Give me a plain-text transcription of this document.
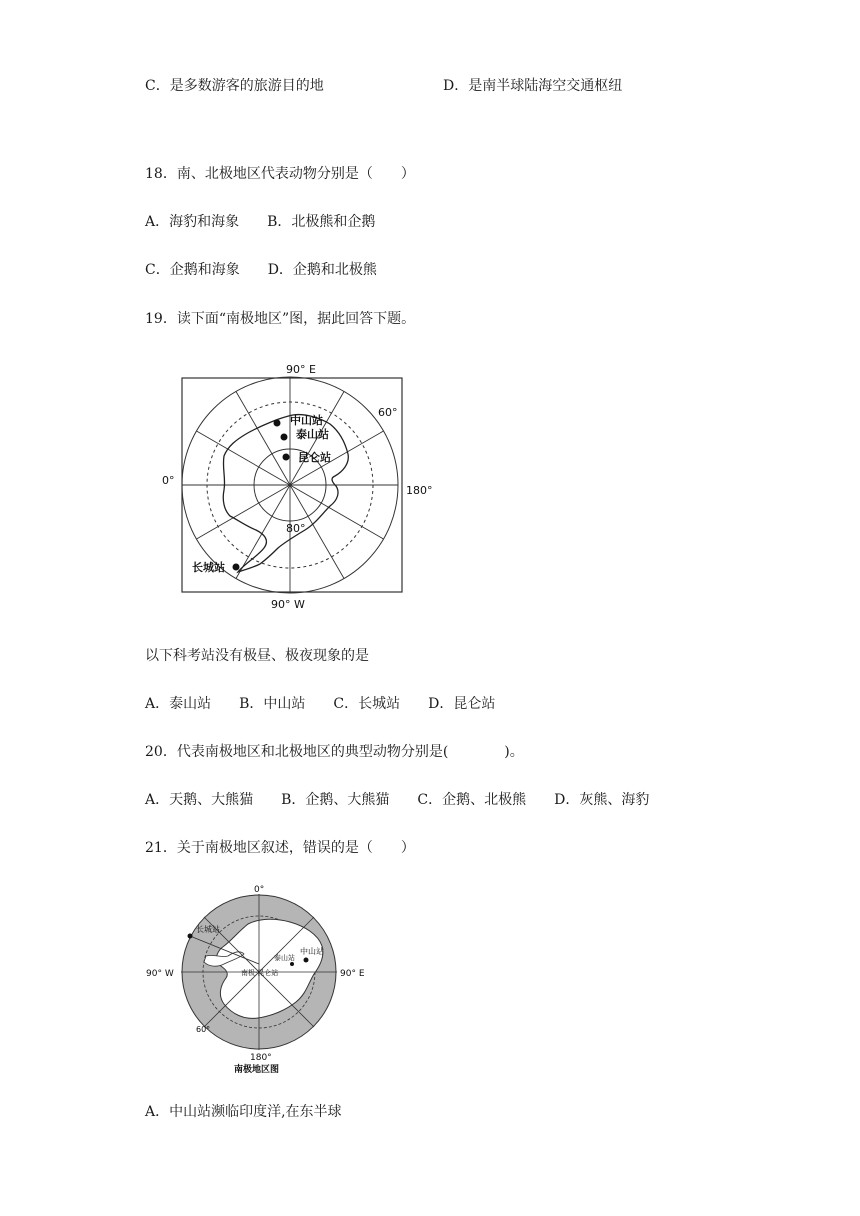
C．是多数游客的旅游目的地	D．是南半球陆海空交通枢纽
18．南、北极地区代表动物分别是（　　）
A．海豹和海象　　B．北极熊和企鹅
C．企鹅和海象　　D．企鹅和北极熊
19．读下面“南极地区”图，据此回答下题。
中山站
泰山站
昆仑站
长城站
90° E
90° W
0°
180°
60°
80°
以下科考站没有极昼、极夜现象的是
A．泰山站　　B．中山站　　C．长城站　　D．昆仑站
20．代表南极地区和北极地区的典型动物分别是(　　　　)。
A．天鹅、大熊猫　　B．企鹅、大熊猫　　C．企鹅、北极熊　　D．灰熊、海豹
21．关于南极地区叙述，错误的是（　　）
0°
90° W	90° E
180°
60°
长城站
泰山站
中山站
南极·昆仑站
南极地区图
A．中山站濒临印度洋,在东半球
